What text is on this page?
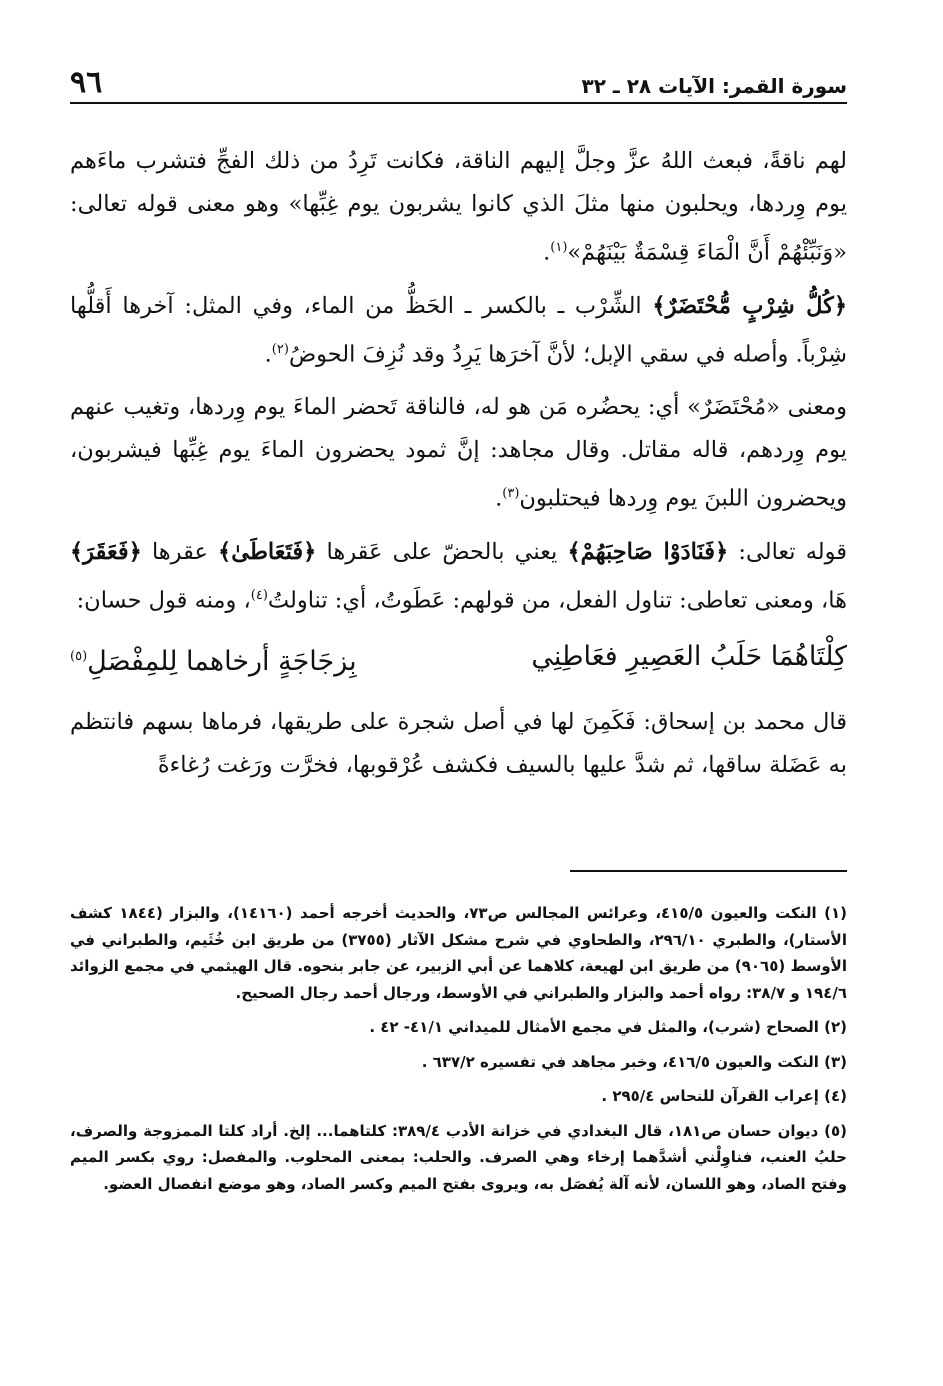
سورة القمر: الآيات ٢٨ ـ ٣٢
٩٦

لهم ناقةً، فبعث اللهُ عزَّ وجلَّ إليهم الناقة، فكانت تَرِدُ من ذلك الفجِّ فتشرب ماءَهم يوم وِردها، ويحلبون منها مثلَ الذي كانوا يشربون يوم غِبِّها» وهو معنى قوله تعالى: «وَنَبِّئْهُمْ أَنَّ الْمَاءَ قِسْمَةٌ بَيْنَهُمْ»$^{(١)}$.

﴿كُلُّ شِرْبٍ مُّحْتَضَرٌ﴾ الشِّرْب ـ بالكسر ـ الحَظُّ من الماء، وفي المثل: آخرها أَقلُّها شِرْباً. وأصله في سقي الإبل؛ لأنَّ آخرَها يَرِدُ وقد نُزِفَ الحوضُ$^{(٢)}$.

ومعنى «مُحْتَضَرٌ» أي: يحضُره مَن هو له، فالناقة تَحضر الماءَ يوم وِردها، وتغيب عنهم يوم وِردهم، قاله مقاتل. وقال مجاهد: إنَّ ثمود يحضرون الماءَ يوم غِبِّها فيشربون، ويحضرون اللبنَ يوم وِردها فيحتلبون$^{(٣)}$.

قوله تعالى: ﴿فَنَادَوْا صَاحِبَهُمْ﴾ يعني بالحضّ على عَقرها ﴿فَتَعَاطَىٰ﴾ عقرها ﴿فَعَقَرَ﴾ هَا، ومعنى تعاطى: تناول الفعل، من قولهم: عَطَوتُ، أي: تناولتُ$^{(٤)}$، ومنه قول حسان:

كِلْتَاهُمَا حَلَبُ العَصِيرِ فعَاطِنِي
بِزجَاجَةٍ أرخاهما لِلمِفْصَلِ$^{(٥)}$

قال محمد بن إسحاق: فَكَمِنَ لها في أصل شجرة على طريقها، فرماها بسهم فانتظم به عَضَلة ساقها، ثم شدَّ عليها بالسيف فكشف عُرْقوبها، فخرَّت ورَغت رُغاءةً

(١) النكت والعيون ٤١٥/٥، وعرائس المجالس ص٧٣، والحديث أخرجه أحمد (١٤١٦٠)، والبزار (١٨٤٤ كشف الأستار)، والطبري ٢٩٦/١٠، والطحاوي في شرح مشكل الآثار (٣٧٥٥) من طريق ابن خُثَيم، والطبراني في الأوسط (٩٠٦٥) من طريق ابن لهيعة، كلاهما عن أبي الزبير، عن جابر بنحوه. قال الهيثمي في مجمع الزوائد ١٩٤/٦ و ٣٨/٧: رواه أحمد والبزار والطبراني في الأوسط، ورجال أحمد رجال الصحيح.

(٢) الصحاح (شرب)، والمثل في مجمع الأمثال للميداني ٤١/١- ٤٢ .

(٣) النكت والعيون ٤١٦/٥، وخبر مجاهد في تفسيره ٦٣٧/٢ .

(٤) إعراب القرآن للنحاس ٢٩٥/٤ .

(٥) ديوان حسان ص١٨١، قال البغدادي في خزانة الأدب ٣٨٩/٤: كلتاهما... إلخ. أراد كلتا الممزوجة والصرف، حلبُ العنب، فناوِلْني أشدَّهما إرخاء وهي الصرف. والحلب: بمعنى المحلوب. والمفصل: روي بكسر الميم وفتح الصاد، وهو اللسان، لأنه آلة يُفصَل به، ويروى بفتح الميم وكسر الصاد، وهو موضع انفصال العضو.
